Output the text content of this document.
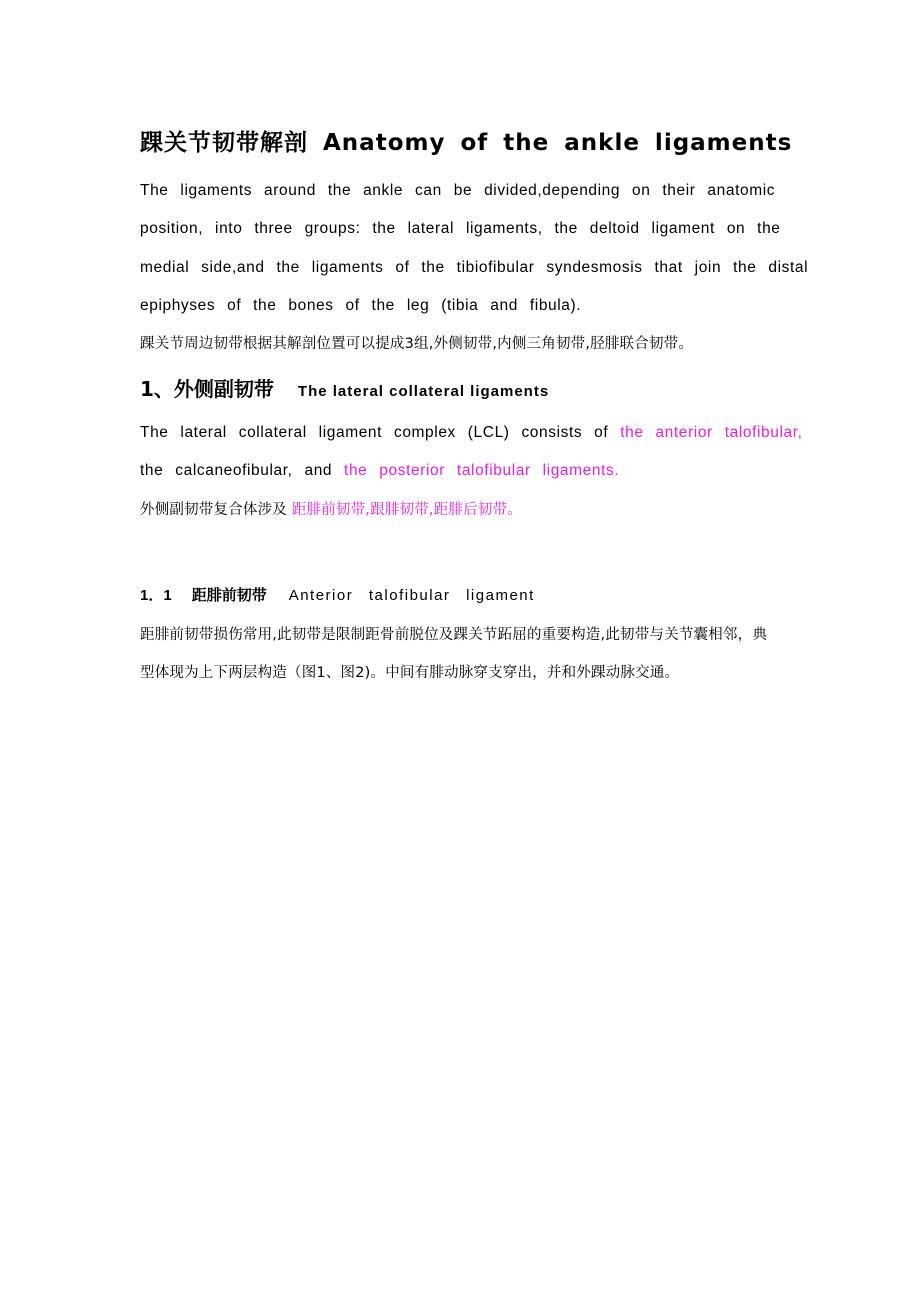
踝关节韧带解剖 Anatomy of the ankle ligaments

The ligaments around the ankle can be divided,depending on their anatomic position, into three groups: the lateral ligaments, the deltoid ligament on the medial side,and the ligaments of the tibiofibular syndesmosis that join the distal epiphyses of the bones of the leg (tibia and fibula).

踝关节周边韧带根据其解剖位置可以提成3组,外侧韧带,内侧三角韧带,胫腓联合韧带。

1、外侧副韧带 The lateral collateral ligaments

The lateral collateral ligament complex (LCL) consists of the anterior talofibular, the calcaneofibular, and the posterior talofibular ligaments.

外侧副韧带复合体涉及 距腓前韧带,跟腓韧带,距腓后韧带。

1．1 距腓前韧带 Anterior talofibular ligament

距腓前韧带损伤常用,此韧带是限制距骨前脱位及踝关节跖屈的重要构造,此韧带与关节囊相邻，典型体现为上下两层构造（图1、图2)。中间有腓动脉穿支穿出，并和外踝动脉交通。
